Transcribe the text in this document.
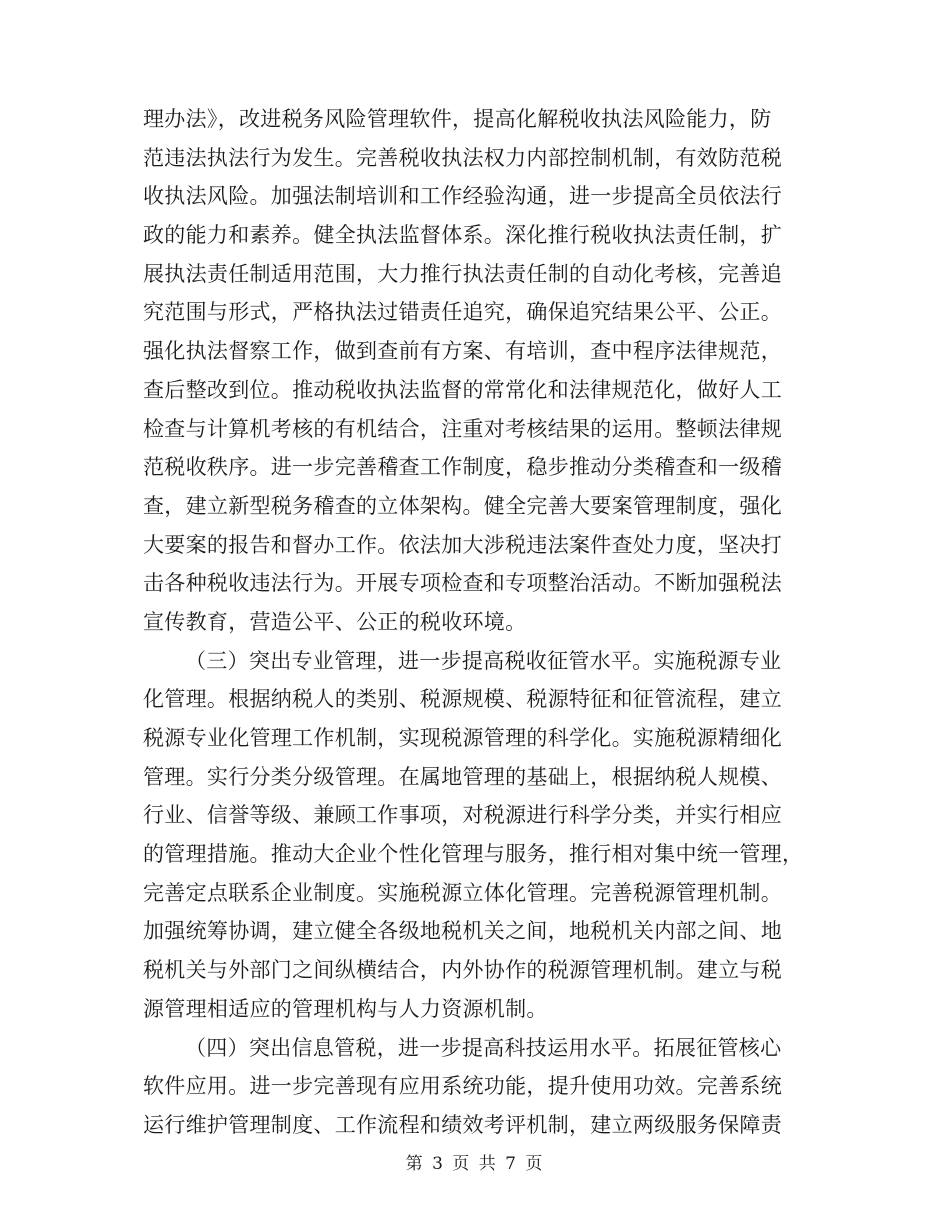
理办法》，改进税务风险管理软件，提高化解税收执法风险能力，防
范违法执法行为发生。完善税收执法权力内部控制机制，有效防范税
收执法风险。加强法制培训和工作经验沟通，进一步提高全员依法行
政的能力和素养。健全执法监督体系。深化推行税收执法责任制，扩
展执法责任制适用范围，大力推行执法责任制的自动化考核，完善追
究范围与形式，严格执法过错责任追究，确保追究结果公平、公正。
强化执法督察工作，做到查前有方案、有培训，查中程序法律规范，
查后整改到位。推动税收执法监督的常常化和法律规范化，做好人工
检查与计算机考核的有机结合，注重对考核结果的运用。整顿法律规
范税收秩序。进一步完善稽查工作制度，稳步推动分类稽查和一级稽
查，建立新型税务稽查的立体架构。健全完善大要案管理制度，强化
大要案的报告和督办工作。依法加大涉税违法案件查处力度，坚决打
击各种税收违法行为。开展专项检查和专项整治活动。不断加强税法
宣传教育，营造公平、公正的税收环境。
（三）突出专业管理，进一步提高税收征管水平。实施税源专业
化管理。根据纳税人的类别、税源规模、税源特征和征管流程，建立
税源专业化管理工作机制，实现税源管理的科学化。实施税源精细化
管理。实行分类分级管理。在属地管理的基础上，根据纳税人规模、
行业、信誉等级、兼顾工作事项，对税源进行科学分类，并实行相应
的管理措施。推动大企业个性化管理与服务，推行相对集中统一管理，
完善定点联系企业制度。实施税源立体化管理。完善税源管理机制。
加强统筹协调，建立健全各级地税机关之间，地税机关内部之间、地
税机关与外部门之间纵横结合，内外协作的税源管理机制。建立与税
源管理相适应的管理机构与人力资源机制。
（四）突出信息管税，进一步提高科技运用水平。拓展征管核心
软件应用。进一步完善现有应用系统功能，提升使用功效。完善系统
运行维护管理制度、工作流程和绩效考评机制，建立两级服务保障责
第 3 页 共 7 页
